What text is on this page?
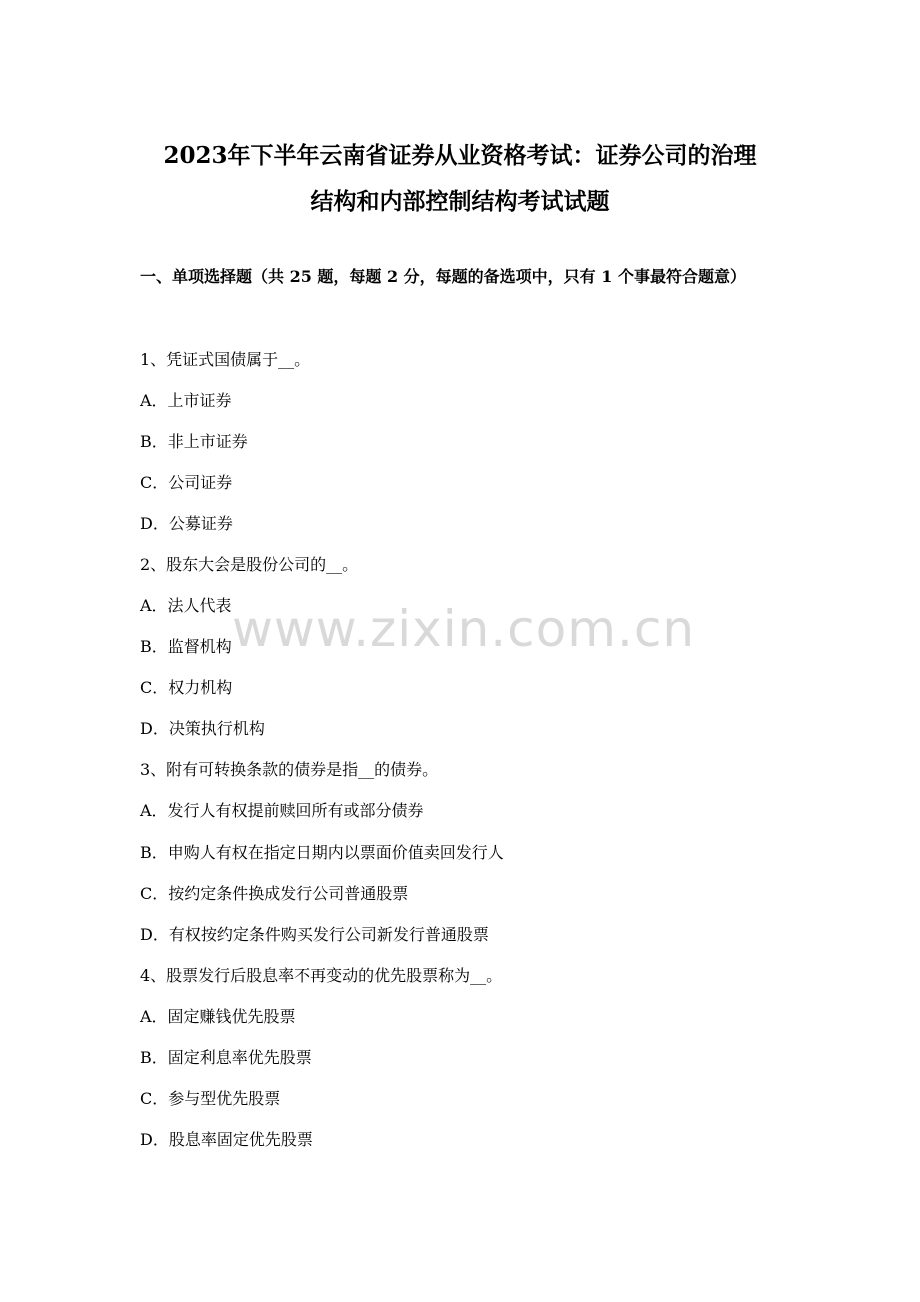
2023年下半年云南省证券从业资格考试：证券公司的治理
结构和内部控制结构考试试题
一、单项选择题（共 25 题，每题 2 分，每题的备选项中，只有 1 个事最符合题意）
1、凭证式国债属于__。
A．上市证券
B．非上市证券
C．公司证券
D．公募证券
2、股东大会是股份公司的__。
A．法人代表
B．监督机构
C．权力机构
D．决策执行机构
3、附有可转换条款的债券是指__的债券。
A．发行人有权提前赎回所有或部分债券
B．申购人有权在指定日期内以票面价值卖回发行人
C．按约定条件换成发行公司普通股票
D．有权按约定条件购买发行公司新发行普通股票
4、股票发行后股息率不再变动的优先股票称为__。
A．固定赚钱优先股票
B．固定利息率优先股票
C．参与型优先股票
D．股息率固定优先股票
www.zixin.com.cn
